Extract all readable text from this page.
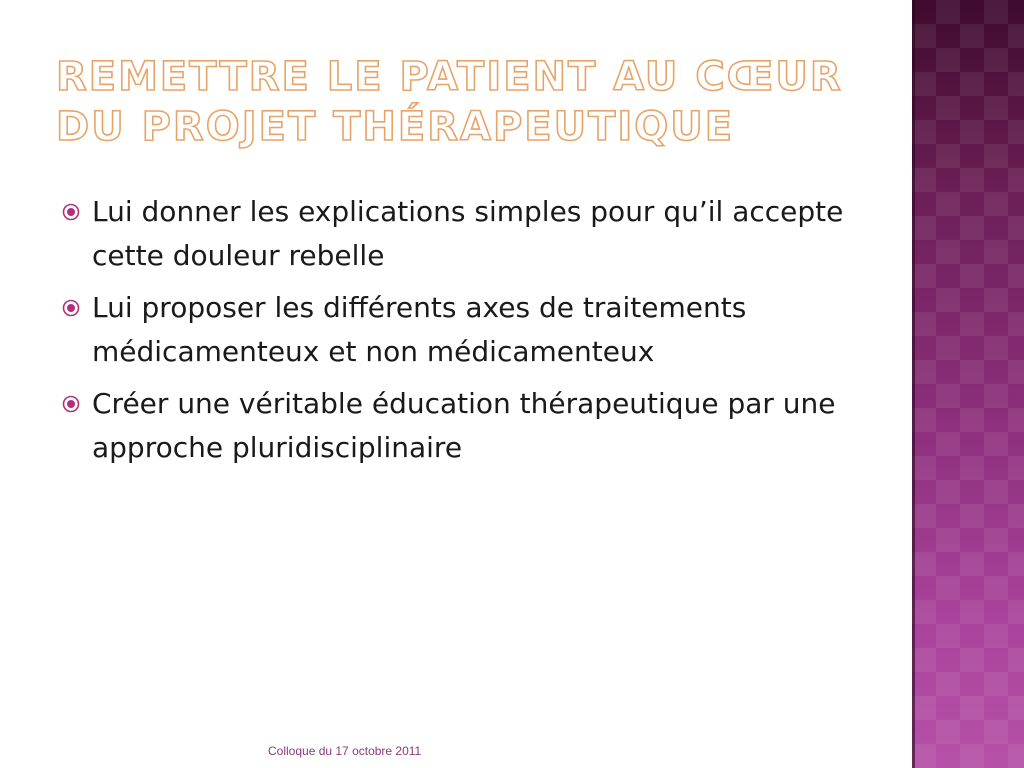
REMETTRE LE PATIENT AU CŒUR
DU PROJET THÉRAPEUTIQUE
Lui donner les explications simples pour qu’il accepte cette douleur rebelle
Lui proposer les différents axes de traitements médicamenteux et non médicamenteux
Créer une véritable éducation thérapeutique par une approche pluridisciplinaire
Colloque du 17 octobre 2011
